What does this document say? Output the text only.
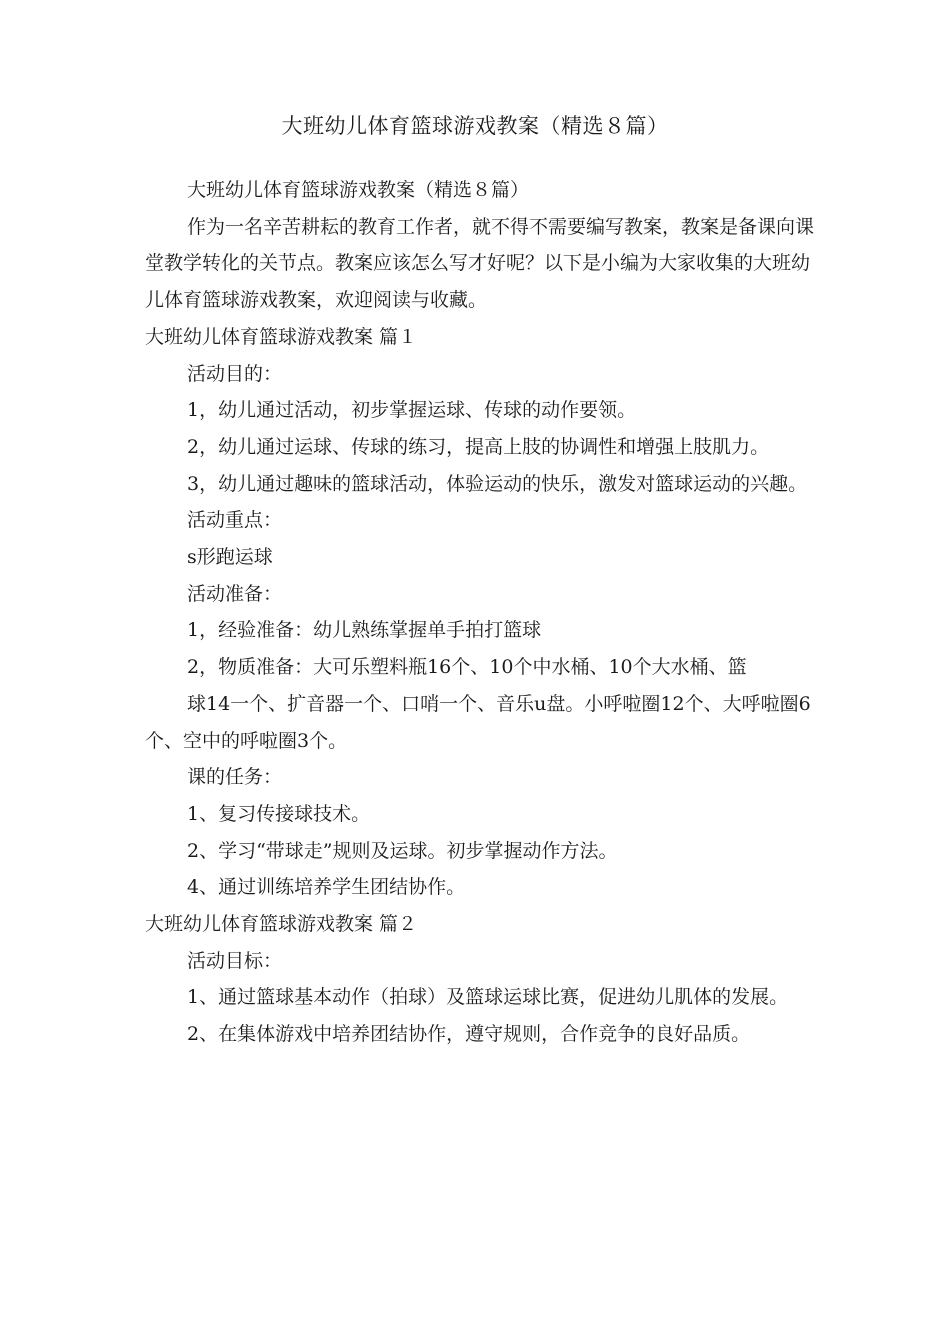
大班幼儿体育篮球游戏教案（精选８篇）

大班幼儿体育篮球游戏教案（精选８篇）

作为一名辛苦耕耘的教育工作者，就不得不需要编写教案，教案是备课向课堂教学转化的关节点。教案应该怎么写才好呢？以下是小编为大家收集的大班幼儿体育篮球游戏教案，欢迎阅读与收藏。

大班幼儿体育篮球游戏教案 篇１

活动目的：

1，幼儿通过活动，初步掌握运球、传球的动作要领。

2，幼儿通过运球、传球的练习，提高上肢的协调性和增强上肢肌力。

3，幼儿通过趣味的篮球活动，体验运动的快乐，激发对篮球运动的兴趣。

活动重点：

s形跑运球

活动准备：

1，经验准备：幼儿熟练掌握单手拍打篮球

2，物质准备：大可乐塑料瓶16个、10个中水桶、10个大水桶、篮

球14一个、扩音器一个、口哨一个、音乐u盘。小呼啦圈12个、大呼啦圈6个、空中的呼啦圈3个。

课的任务：

1、复习传接球技术。

2、学习“带球走”规则及运球。初步掌握动作方法。

4、通过训练培养学生团结协作。

大班幼儿体育篮球游戏教案 篇２

活动目标：

1、通过篮球基本动作（拍球）及篮球运球比赛，促进幼儿肌体的发展。

2、在集体游戏中培养团结协作，遵守规则，合作竞争的良好品质。
